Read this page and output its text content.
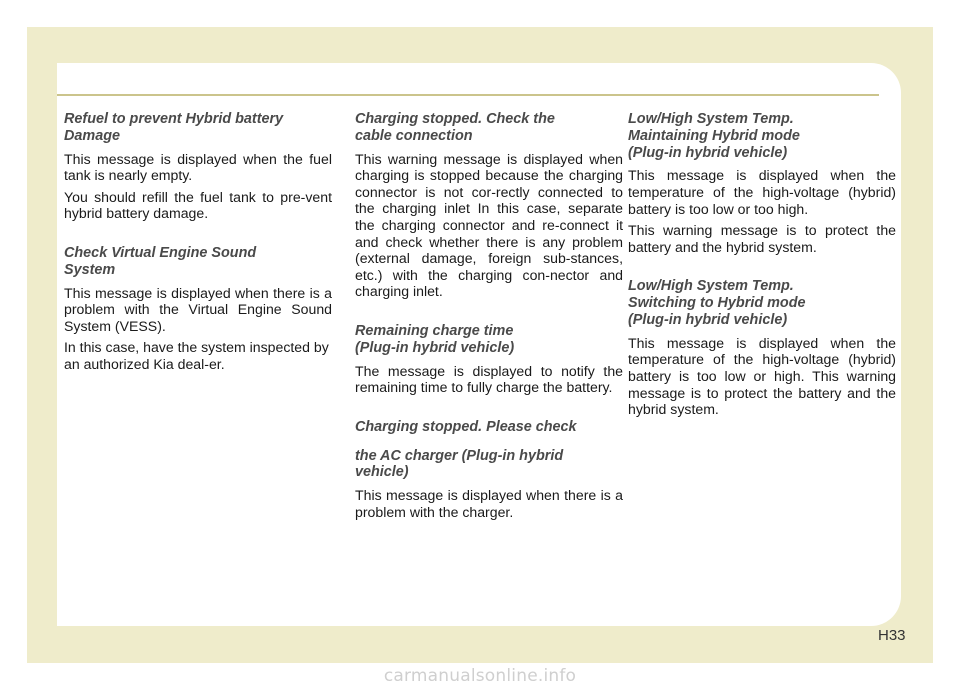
Refuel to prevent Hybrid battery
Damage

This message is displayed when the fuel tank is nearly empty.

You should refill the fuel tank to pre-vent hybrid battery damage.

Check Virtual Engine Sound
System

This message is displayed when there is a problem with the Virtual Engine Sound System (VESS).

In this case, have the system inspected by an authorized Kia deal-er.

Charging stopped. Check the
cable connection

This warning message is displayed when charging is stopped because the charging connector is not cor-rectly connected to the charging inlet In this case, separate the charging connector and re-connect it and check whether there is any problem (external damage, foreign sub-stances, etc.) with the charging con-nector and charging inlet.

Remaining charge time
(Plug-in hybrid vehicle)

The message is displayed to notify the remaining time to fully charge the battery.

Charging stopped. Please check
the AC charger (Plug-in hybrid
vehicle)

This message is displayed when there is a problem with the charger.

Low/High System Temp.
Maintaining Hybrid mode
(Plug-in hybrid vehicle)

This message is displayed when the temperature of the high-voltage (hybrid) battery is too low or too high.

This warning message is to protect the battery and the hybrid system.

Low/High System Temp.
Switching to Hybrid mode
(Plug-in hybrid vehicle)

This message is displayed when the temperature of the high-voltage (hybrid) battery is too low or high. This warning message is to protect the battery and the hybrid system.

H33
carmanualsonline.info
